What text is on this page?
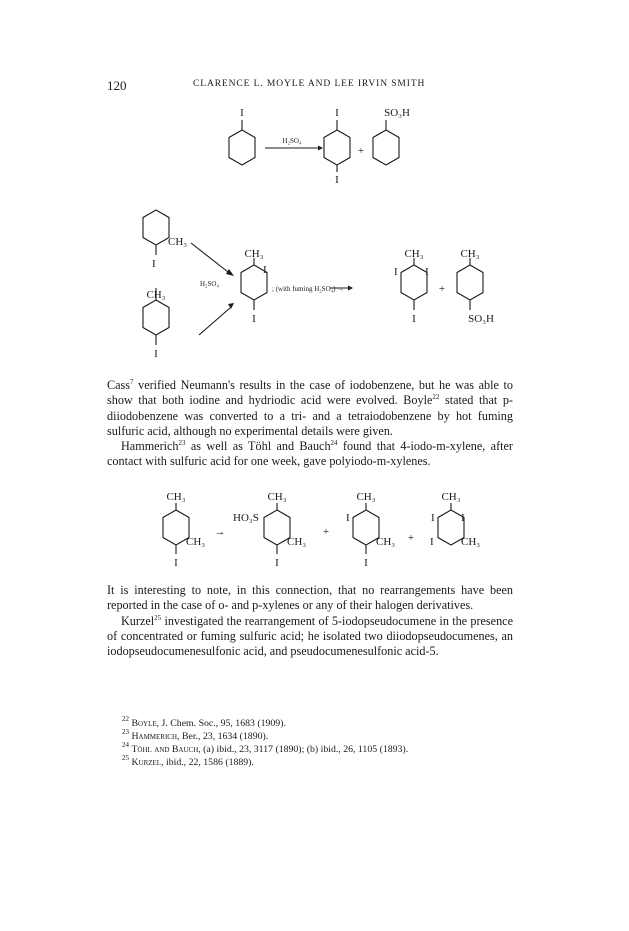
120	CLARENCE L. MOYLE AND LEE IRVIN SMITH
I	I
I
SO₃H
H₂SO₄
+
CH₃
I
CH₃
I
H₂SO₄
CH₃
I
I
; (with fuming H₂SO₄) →
CH₃
I I
I
+
CH₃
SO₃H

Cass$^7$ verified Neumann's results in the case of iodobenzene, but he was able to show that both iodine and hydriodic acid were evolved. Boyle$^{22}$ stated that p-diiodobenzene was converted to a tri- and a tetraiodobenzene by hot fuming sulfuric acid, although no experimental details were given.

Hammerich$^{23}$ as well as Töhl and Bauch$^{24}$ found that 4-iodo-m-xylene, after contact with sulfuric acid for one week, gave polyiodo-m-xylenes.

CH₃
CH₃
I
→
CH₃
HO₃S
CH₃
I
+
CH₃
I
CH₃
I
+
CH₃
I I
I CH₃

It is interesting to note, in this connection, that no rearrangements have been reported in the case of o- and p-xylenes or any of their halogen derivatives.

Kurzel$^{25}$ investigated the rearrangement of 5-iodopseudocumene in the presence of concentrated or fuming sulfuric acid; he isolated two diiodopseudocumenes, an iodopseudocumenesulfonic acid, and pseudocumenesulfonic acid-5.

$^{22}$ Boyle, J. Chem. Soc., 95, 1683 (1909).
$^{23}$ Hammerich, Ber., 23, 1634 (1890).
$^{24}$ Töhl and Bauch, (a) ibid., 23, 3117 (1890); (b) ibid., 26, 1105 (1893).
$^{25}$ Kurzel, ibid., 22, 1586 (1889).
